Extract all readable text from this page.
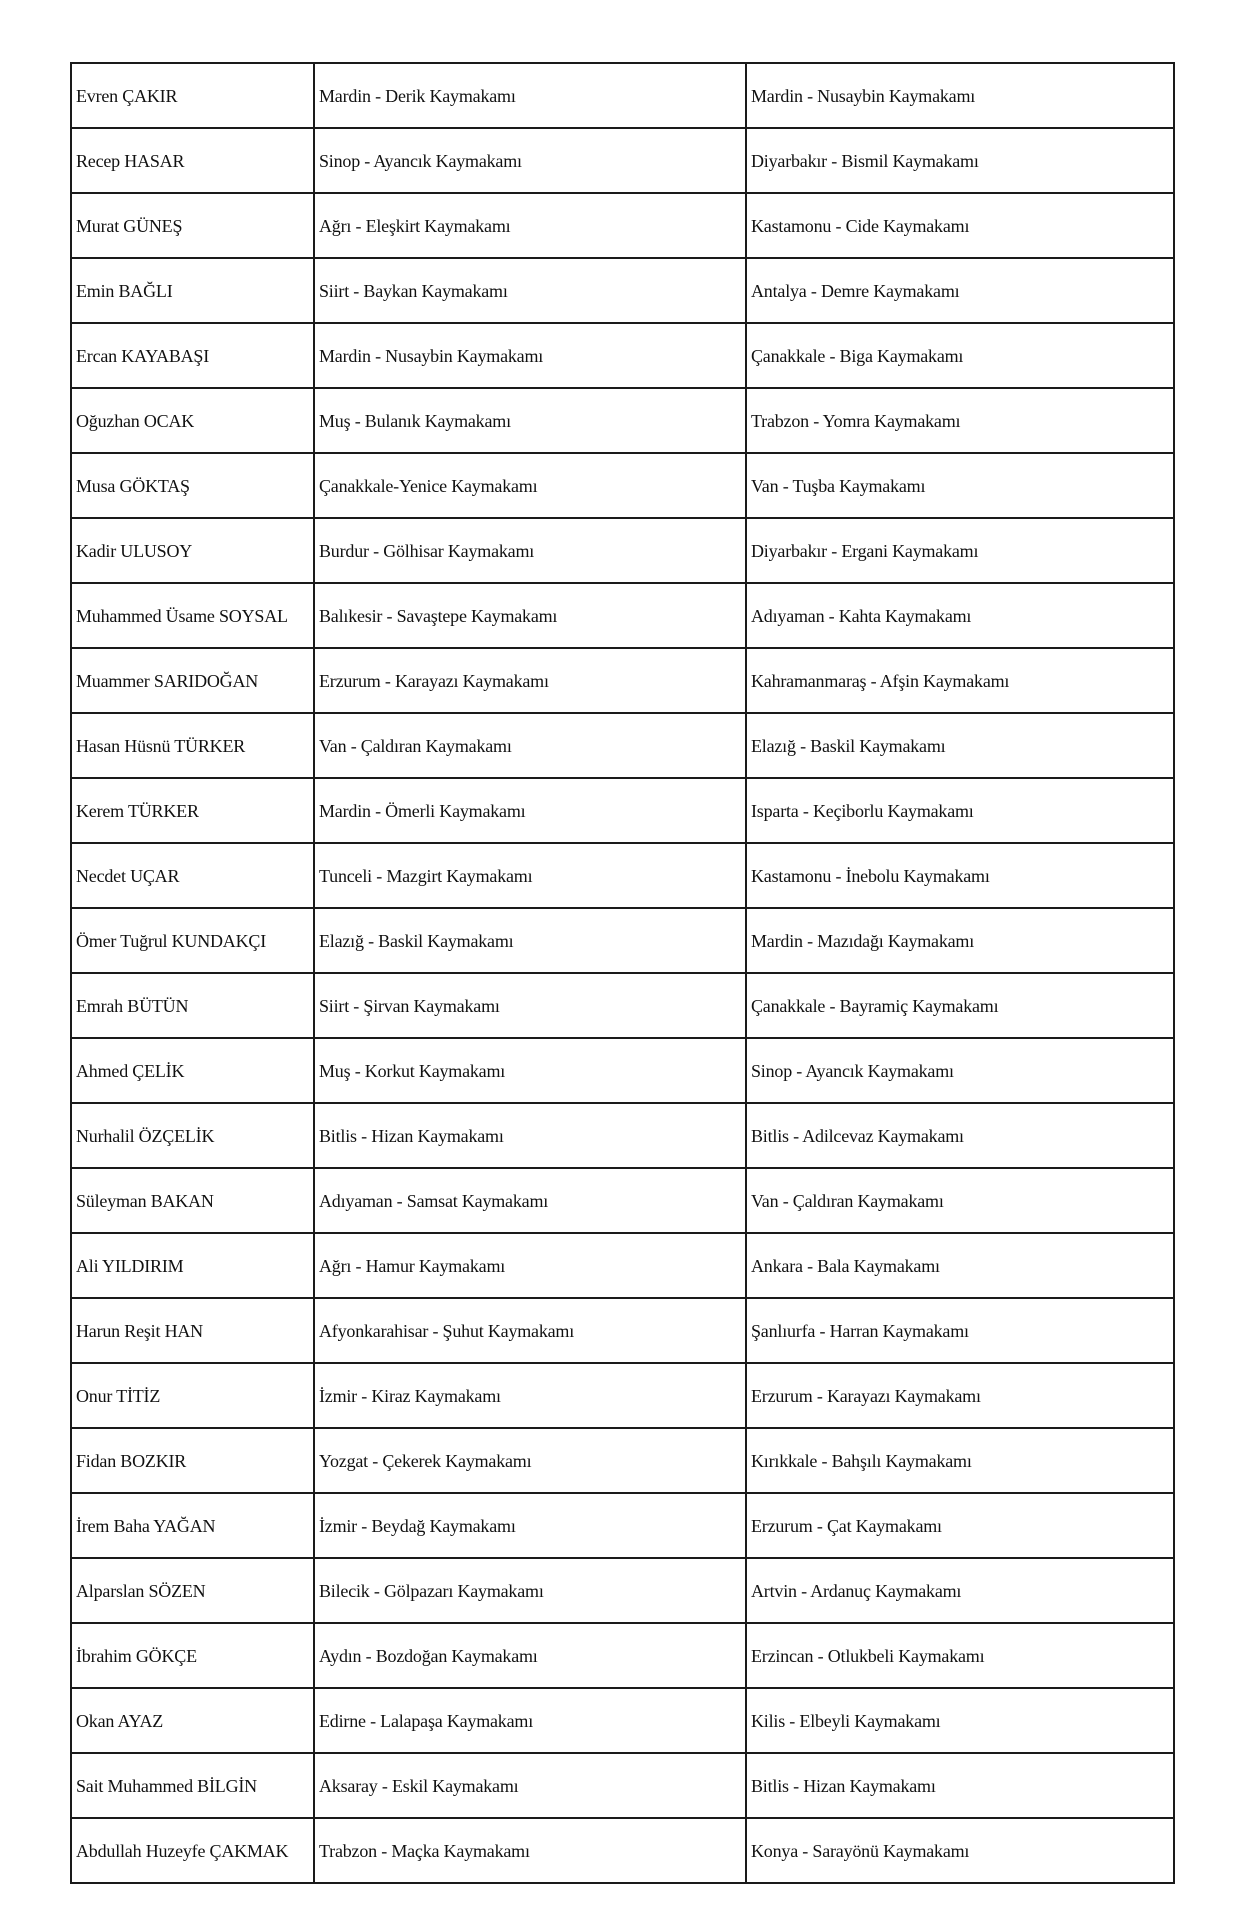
Evren ÇAKIR	Mardin - Derik Kaymakamı	Mardin - Nusaybin Kaymakamı
Recep HASAR	Sinop - Ayancık Kaymakamı	Diyarbakır - Bismil Kaymakamı
Murat GÜNEŞ	Ağrı - Eleşkirt Kaymakamı	Kastamonu - Cide Kaymakamı
Emin BAĞLI	Siirt - Baykan Kaymakamı	Antalya - Demre Kaymakamı
Ercan KAYABAŞI	Mardin - Nusaybin Kaymakamı	Çanakkale - Biga Kaymakamı
Oğuzhan OCAK	Muş - Bulanık Kaymakamı	Trabzon - Yomra Kaymakamı
Musa GÖKTAŞ	Çanakkale-Yenice Kaymakamı	Van - Tuşba Kaymakamı
Kadir ULUSOY	Burdur - Gölhisar Kaymakamı	Diyarbakır - Ergani Kaymakamı
Muhammed Üsame SOYSAL	Balıkesir - Savaştepe Kaymakamı	Adıyaman - Kahta Kaymakamı
Muammer SARIDOĞAN	Erzurum - Karayazı Kaymakamı	Kahramanmaraş - Afşin Kaymakamı
Hasan Hüsnü TÜRKER	Van - Çaldıran Kaymakamı	Elazığ - Baskil Kaymakamı
Kerem TÜRKER	Mardin - Ömerli Kaymakamı	Isparta - Keçiborlu Kaymakamı
Necdet UÇAR	Tunceli - Mazgirt Kaymakamı	Kastamonu - İnebolu Kaymakamı
Ömer Tuğrul KUNDAKÇI	Elazığ - Baskil Kaymakamı	Mardin - Mazıdağı Kaymakamı
Emrah BÜTÜN	Siirt - Şirvan Kaymakamı	Çanakkale - Bayramiç Kaymakamı
Ahmed ÇELİK	Muş - Korkut Kaymakamı	Sinop - Ayancık Kaymakamı
Nurhalil ÖZÇELİK	Bitlis - Hizan Kaymakamı	Bitlis - Adilcevaz Kaymakamı
Süleyman BAKAN	Adıyaman - Samsat Kaymakamı	Van - Çaldıran Kaymakamı
Ali YILDIRIM	Ağrı - Hamur Kaymakamı	Ankara - Bala Kaymakamı
Harun Reşit HAN	Afyonkarahisar - Şuhut Kaymakamı	Şanlıurfa - Harran Kaymakamı
Onur TİTİZ	İzmir - Kiraz Kaymakamı	Erzurum - Karayazı Kaymakamı
Fidan BOZKIR	Yozgat - Çekerek Kaymakamı	Kırıkkale - Bahşılı Kaymakamı
İrem Baha YAĞAN	İzmir - Beydağ Kaymakamı	Erzurum - Çat Kaymakamı
Alparslan SÖZEN	Bilecik - Gölpazarı Kaymakamı	Artvin - Ardanuç Kaymakamı
İbrahim GÖKÇE	Aydın - Bozdoğan Kaymakamı	Erzincan - Otlukbeli Kaymakamı
Okan AYAZ	Edirne - Lalapaşa Kaymakamı	Kilis - Elbeyli Kaymakamı
Sait Muhammed BİLGİN	Aksaray - Eskil Kaymakamı	Bitlis - Hizan Kaymakamı
Abdullah Huzeyfe ÇAKMAK	Trabzon - Maçka Kaymakamı	Konya - Sarayönü Kaymakamı
